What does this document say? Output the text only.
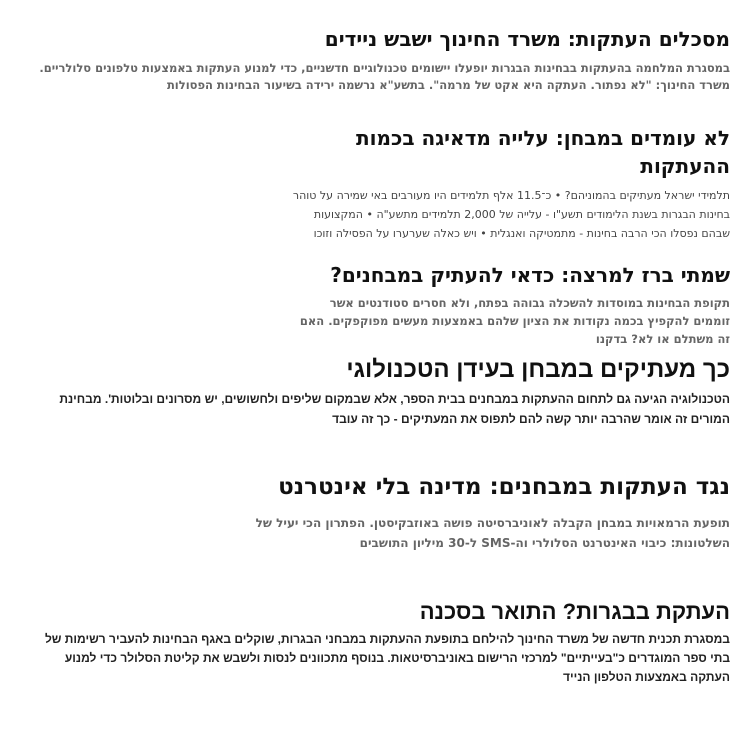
מסכלים העתקות: משרד החינוך ישבש ניידים

במסגרת המלחמה בהעתקות בבחינות הבגרות יופעלו יישומים טכנולוגיים חדשניים, כדי למנוע העתקות באמצעות טלפונים סלולריים. משרד החינוך: "לא נפתור. העתקה היא אקט של מרמה". בתשע"א נרשמה ירידה בשיעור הבחינות הפסולות

לא עומדים במבחן: עלייה מדאיגה בכמות ההעתקות

תלמידי ישראל מעתיקים בהמוניהם? • כ־11.5 אלף תלמידים היו מעורבים באי שמירה על טוהר בחינות הבגרות בשנת הלימודים תשע"ו - עלייה של 2,000 תלמידים מתשע"ה • המקצועות שבהם נפסלו הכי הרבה בחינות - מתמטיקה ואנגלית • ויש כאלה שערערו על הפסילה וזוכו

שמתי ברז למרצה: כדאי להעתיק במבחנים?

תקופת הבחינות במוסדות להשכלה גבוהה בפתח, ולא חסרים סטודנטים אשר זוממים להקפיץ בכמה נקודות את הציון שלהם באמצעות מעשים מפוקפקים. האם זה משתלם או לא? בדקנו

כך מעתיקים במבחן בעידן הטכנולוגי

הטכנולוגיה הגיעה גם לתחום ההעתקות במבחנים בבית הספר, אלא שבמקום שליפים ולחשושים, יש מסרונים ובלוטות'. מבחינת המורים זה אומר שהרבה יותר קשה להם לתפוס את המעתיקים - כך זה עובד

נגד העתקות במבחנים: מדינה בלי אינטרנט

תופעת הרמאויות במבחן הקבלה לאוניברסיטה פושה באוזבקיסטן. הפתרון הכי יעיל של השלטונות: כיבוי האינטרנט הסלולרי וה-SMS ל-30 מיליון התושבים

העתקת בבגרות? התואר בסכנה

במסגרת תכנית חדשה של משרד החינוך להילחם בתופעת ההעתקות במבחני הבגרות, שוקלים באגף הבחינות להעביר רשימות של בתי ספר המוגדרים כ"בעייתיים" למרכזי הרישום באוניברסיטאות. בנוסף מתכוונים לנסות ולשבש את קליטת הסלולר כדי למנוע העתקה באמצעות הטלפון הנייד
